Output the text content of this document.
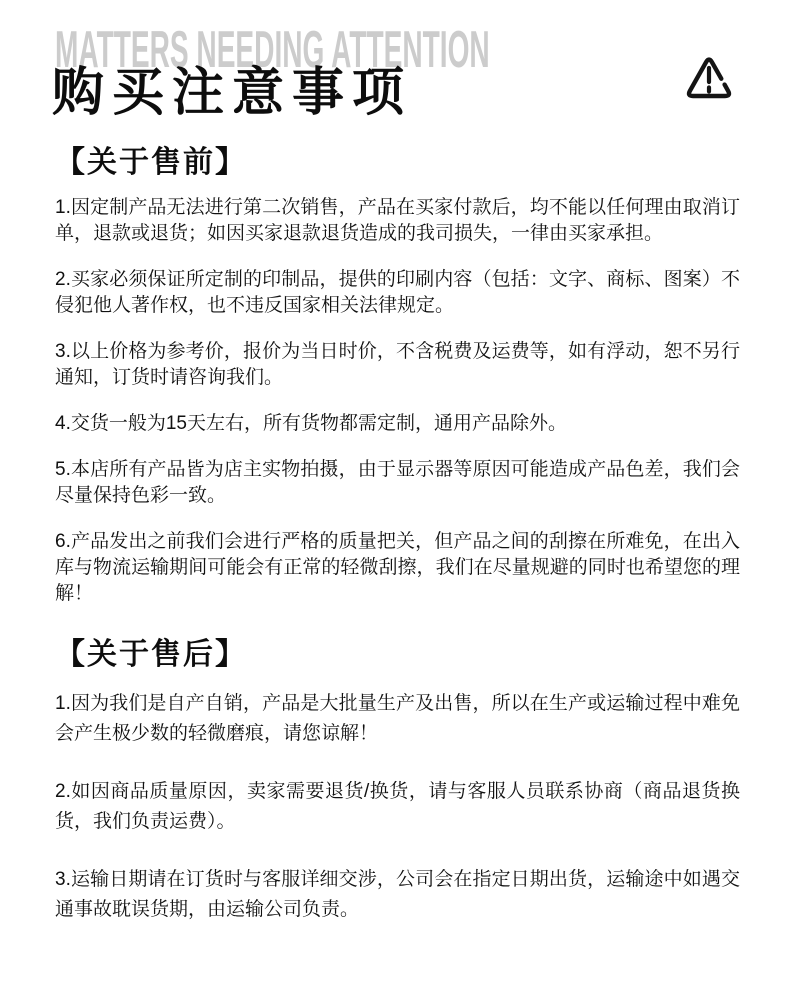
MATTERS NEEDING ATTENTION
购买注意事项
【关于售前】

1.因定制产品无法进行第二次销售，产品在买家付款后，均不能以任何理由取消订单，退款或退货；如因买家退款退货造成的我司损失，一律由买家承担。

2.买家必须保证所定制的印制品，提供的印刷内容（包括：文字、商标、图案）不侵犯他人著作权，也不违反国家相关法律规定。

3.以上价格为参考价，报价为当日时价，不含税费及运费等，如有浮动，恕不另行通知，订货时请咨询我们。

4.交货一般为15天左右，所有货物都需定制，通用产品除外。

5.本店所有产品皆为店主实物拍摄，由于显示器等原因可能造成产品色差，我们会尽量保持色彩一致。

6.产品发出之前我们会进行严格的质量把关，但产品之间的刮擦在所难免，在出入库与物流运输期间可能会有正常的轻微刮擦，我们在尽量规避的同时也希望您的理解！

【关于售后】

1.因为我们是自产自销，产品是大批量生产及出售，所以在生产或运输过程中难免会产生极少数的轻微磨痕，请您谅解！

2.如因商品质量原因，卖家需要退货/换货，请与客服人员联系协商（商品退货换货，我们负责运费）。

3.运输日期请在订货时与客服详细交涉，公司会在指定日期出货，运输途中如遇交通事故耽误货期，由运输公司负责。
